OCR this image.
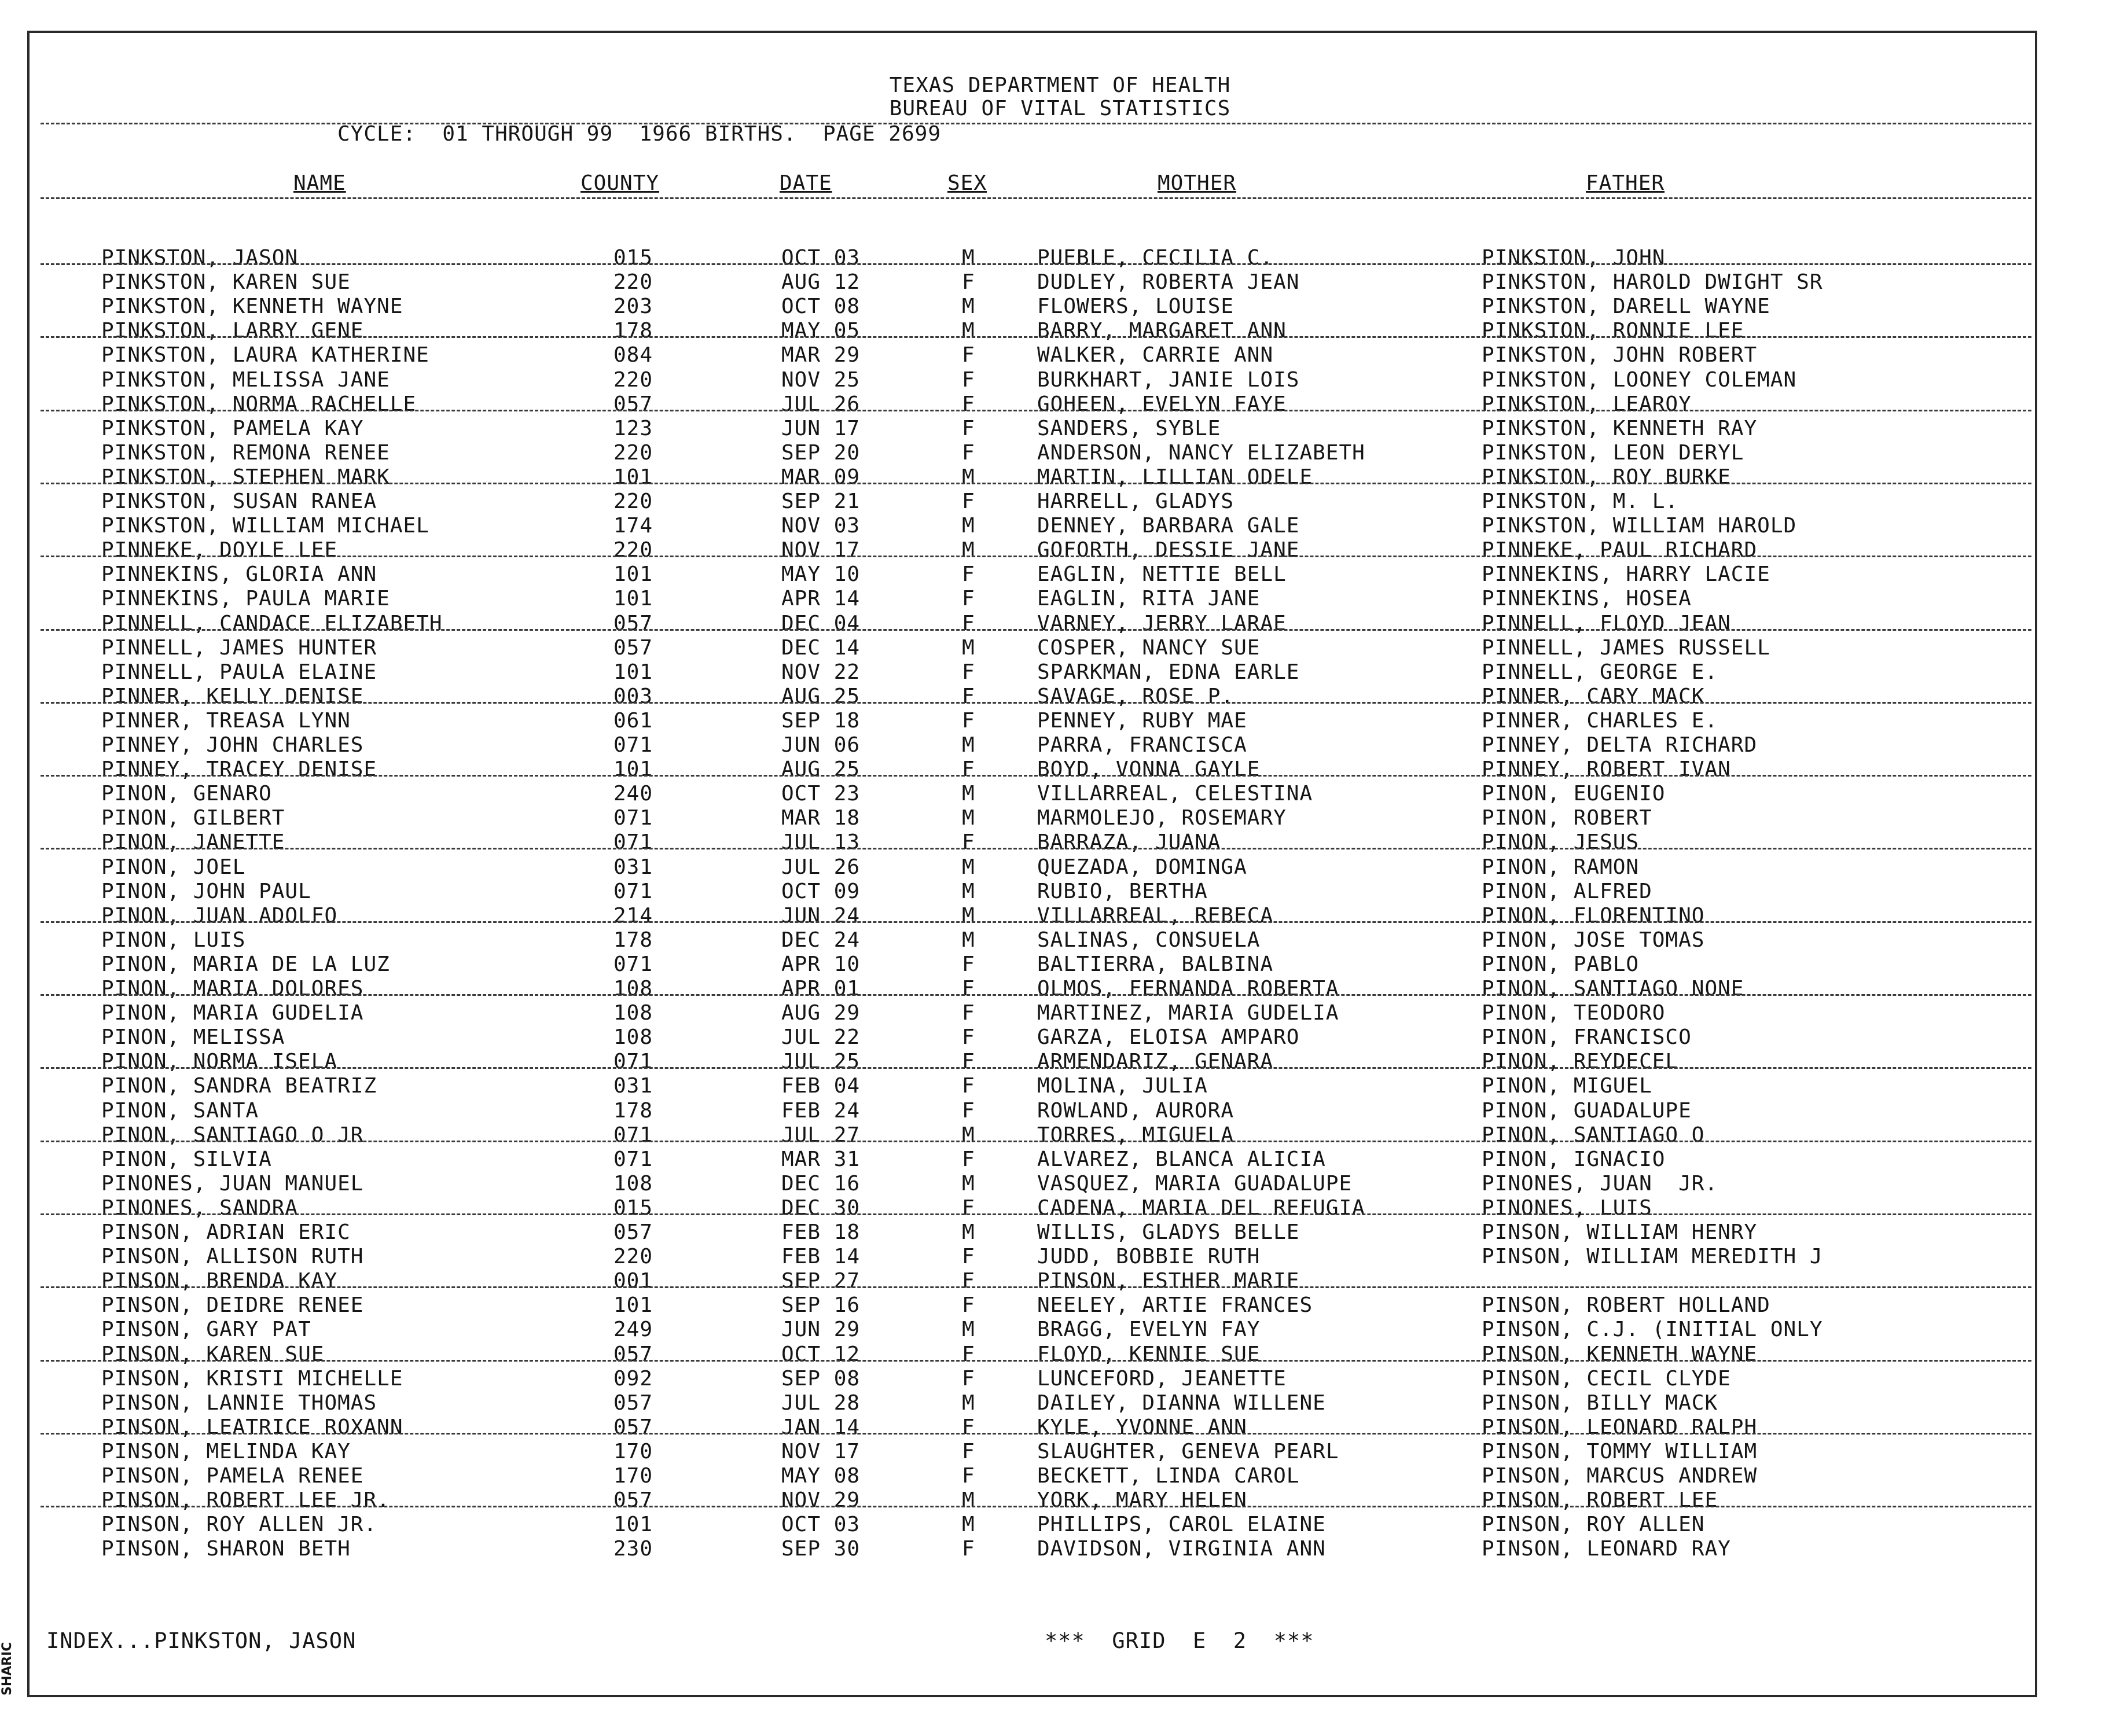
TEXAS DEPARTMENT OF HEALTH
BUREAU OF VITAL STATISTICS
CYCLE:  01 THROUGH 99  1966 BIRTHS.  PAGE 2699
NAME	COUNTY	DATE	SEX	MOTHER	FATHER
PINKSTON, JASON	015	OCT 03	M	PUEBLE, CECILIA C.	PINKSTON, JOHN
PINKSTON, KAREN SUE	220	AUG 12	F	DUDLEY, ROBERTA JEAN	PINKSTON, HAROLD DWIGHT SR
PINKSTON, KENNETH WAYNE	203	OCT 08	M	FLOWERS, LOUISE	PINKSTON, DARELL WAYNE
PINKSTON, LARRY GENE	178	MAY 05	M	BARRY, MARGARET ANN	PINKSTON, RONNIE LEE
PINKSTON, LAURA KATHERINE	084	MAR 29	F	WALKER, CARRIE ANN	PINKSTON, JOHN ROBERT
PINKSTON, MELISSA JANE	220	NOV 25	F	BURKHART, JANIE LOIS	PINKSTON, LOONEY COLEMAN
PINKSTON, NORMA RACHELLE	057	JUL 26	F	GOHEEN, EVELYN FAYE	PINKSTON, LEAROY
PINKSTON, PAMELA KAY	123	JUN 17	F	SANDERS, SYBLE	PINKSTON, KENNETH RAY
PINKSTON, REMONA RENEE	220	SEP 20	F	ANDERSON, NANCY ELIZABETH	PINKSTON, LEON DERYL
PINKSTON, STEPHEN MARK	101	MAR 09	M	MARTIN, LILLIAN ODELE	PINKSTON, ROY BURKE
PINKSTON, SUSAN RANEA	220	SEP 21	F	HARRELL, GLADYS	PINKSTON, M. L.
PINKSTON, WILLIAM MICHAEL	174	NOV 03	M	DENNEY, BARBARA GALE	PINKSTON, WILLIAM HAROLD
PINNEKE, DOYLE LEE	220	NOV 17	M	GOFORTH, DESSIE JANE	PINNEKE, PAUL RICHARD
PINNEKINS, GLORIA ANN	101	MAY 10	F	EAGLIN, NETTIE BELL	PINNEKINS, HARRY LACIE
PINNEKINS, PAULA MARIE	101	APR 14	F	EAGLIN, RITA JANE	PINNEKINS, HOSEA
PINNELL, CANDACE ELIZABETH	057	DEC 04	F	VARNEY, JERRY LARAE	PINNELL, FLOYD JEAN
PINNELL, JAMES HUNTER	057	DEC 14	M	COSPER, NANCY SUE	PINNELL, JAMES RUSSELL
PINNELL, PAULA ELAINE	101	NOV 22	F	SPARKMAN, EDNA EARLE	PINNELL, GEORGE E.
PINNER, KELLY DENISE	003	AUG 25	F	SAVAGE, ROSE P.	PINNER, CARY MACK
PINNER, TREASA LYNN	061	SEP 18	F	PENNEY, RUBY MAE	PINNER, CHARLES E.
PINNEY, JOHN CHARLES	071	JUN 06	M	PARRA, FRANCISCA	PINNEY, DELTA RICHARD
PINNEY, TRACEY DENISE	101	AUG 25	F	BOYD, VONNA GAYLE	PINNEY, ROBERT IVAN
PINON, GENARO	240	OCT 23	M	VILLARREAL, CELESTINA	PINON, EUGENIO
PINON, GILBERT	071	MAR 18	M	MARMOLEJO, ROSEMARY	PINON, ROBERT
PINON, JANETTE	071	JUL 13	F	BARRAZA, JUANA	PINON, JESUS
PINON, JOEL	031	JUL 26	M	QUEZADA, DOMINGA	PINON, RAMON
PINON, JOHN PAUL	071	OCT 09	M	RUBIO, BERTHA	PINON, ALFRED
PINON, JUAN ADOLFO	214	JUN 24	M	VILLARREAL, REBECA	PINON, FLORENTINO
PINON, LUIS	178	DEC 24	M	SALINAS, CONSUELA	PINON, JOSE TOMAS
PINON, MARIA DE LA LUZ	071	APR 10	F	BALTIERRA, BALBINA	PINON, PABLO
PINON, MARIA DOLORES	108	APR 01	F	OLMOS, FERNANDA ROBERTA	PINON, SANTIAGO NONE
PINON, MARIA GUDELIA	108	AUG 29	F	MARTINEZ, MARIA GUDELIA	PINON, TEODORO
PINON, MELISSA	108	JUL 22	F	GARZA, ELOISA AMPARO	PINON, FRANCISCO
PINON, NORMA ISELA	071	JUL 25	F	ARMENDARIZ, GENARA	PINON, REYDECEL
PINON, SANDRA BEATRIZ	031	FEB 04	F	MOLINA, JULIA	PINON, MIGUEL
PINON, SANTA	178	FEB 24	F	ROWLAND, AURORA	PINON, GUADALUPE
PINON, SANTIAGO O JR	071	JUL 27	M	TORRES, MIGUELA	PINON, SANTIAGO O
PINON, SILVIA	071	MAR 31	F	ALVAREZ, BLANCA ALICIA	PINON, IGNACIO
PINONES, JUAN MANUEL	108	DEC 16	M	VASQUEZ, MARIA GUADALUPE	PINONES, JUAN  JR.
PINONES, SANDRA	015	DEC 30	F	CADENA, MARIA DEL REFUGIA	PINONES, LUIS
PINSON, ADRIAN ERIC	057	FEB 18	M	WILLIS, GLADYS BELLE	PINSON, WILLIAM HENRY
PINSON, ALLISON RUTH	220	FEB 14	F	JUDD, BOBBIE RUTH	PINSON, WILLIAM MEREDITH J
PINSON, BRENDA KAY	001	SEP 27	F	PINSON, ESTHER MARIE
PINSON, DEIDRE RENEE	101	SEP 16	F	NEELEY, ARTIE FRANCES	PINSON, ROBERT HOLLAND
PINSON, GARY PAT	249	JUN 29	M	BRAGG, EVELYN FAY	PINSON, C.J. (INITIAL ONLY
PINSON, KAREN SUE	057	OCT 12	F	FLOYD, KENNIE SUE	PINSON, KENNETH WAYNE
PINSON, KRISTI MICHELLE	092	SEP 08	F	LUNCEFORD, JEANETTE	PINSON, CECIL CLYDE
PINSON, LANNIE THOMAS	057	JUL 28	M	DAILEY, DIANNA WILLENE	PINSON, BILLY MACK
PINSON, LEATRICE ROXANN	057	JAN 14	F	KYLE, YVONNE ANN	PINSON, LEONARD RALPH
PINSON, MELINDA KAY	170	NOV 17	F	SLAUGHTER, GENEVA PEARL	PINSON, TOMMY WILLIAM
PINSON, PAMELA RENEE	170	MAY 08	F	BECKETT, LINDA CAROL	PINSON, MARCUS ANDREW
PINSON, ROBERT LEE JR.	057	NOV 29	M	YORK, MARY HELEN	PINSON, ROBERT LEE
PINSON, ROY ALLEN JR.	101	OCT 03	M	PHILLIPS, CAROL ELAINE	PINSON, ROY ALLEN
PINSON, SHARON BETH	230	SEP 30	F	DAVIDSON, VIRGINIA ANN	PINSON, LEONARD RAY
INDEX...PINKSTON, JASON	***  GRID  E  2  ***
SHARIC
